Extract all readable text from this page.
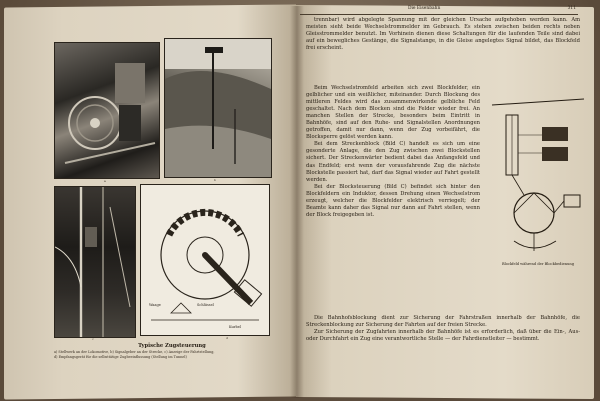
Waage	Schlüssel
Kurbel
a	b
c	d
Typische Zugsteuerung
a) Stellwerk an der Lokomotive, b) Signalgeber an der Strecke, c) Anzeige der Fahrtstellung,
d) Empfangsgerät für die selbsttätige Zugbeeinflussung (Stellung im Tunnel)
Die Eisenbahn	311

trennbar) wird abgelegte Spannung mit der gleichen Ursache aufgehoben werden kann. Am meisten sieht beide Wechselstrommelder im Gebrauch. Es stehen zwischen beiden rechts neben Gleisstrommelder benutzt. Im Vorhinein dienen diese Schaltungen für die laufenden Teile sind dabei auf ein bewegliches Gestänge, die Signalstange, in die Gleise angelegtes Signal bildet, das Blockfeld frei erscheint.

Beim Wechselstromfeld arbeiten sich zwei Blockfelder, ein gelblicher und ein weißlicher, miteinander. Durch Blockung des mittleren Feldes wird das zusammenwirkende gelbliche Feld geschaltet. Nach dem Blocken sind die Felder wieder frei. An manchen Stellen der Strecke, besonders beim Eintritt in Bahnhöfe, sind auf den Ruhe- und Signalstellen Anordnungen getroffen, damit nur dann, wenn der Zug vorbeifährt, die Blocksperre gelöst werden kann.

Bei dem Streckenblock (Bild C) handelt es sich um eine gesonderte Anlage, die den Zug zwischen zwei Blockstellen sichert. Der Streckenwärter bedient dabei das Anfangsfeld und das Endfeld; erst wenn der vorausfahrende Zug die nächste Blockstelle passiert hat, darf das Signal wieder auf Fahrt gestellt werden.

Bei der Blocksteuerung (Bild C) befindet sich hinter den Blockfeldern ein Induktor, dessen Drehung einen Wechselstrom erzeugt, welcher die Blockfelder elektrisch verriegelt; der Beamte kann daher das Signal nur dann auf Fahrt stellen, wenn der Block freigegeben ist.

Blockfeld während der Blockbedienung

Die Bahnhofsblockung dient zur Sicherung der Fahrstraßen innerhalb der Bahnhöfe, die Streckenblockung zur Sicherung der Fahrten auf der freien Strecke.

Zur Sicherung der Zugfahrten innerhalb der Bahnhöfe ist es erforderlich, daß über die Ein-, Aus- oder Durchfahrt ein Zug eine verantwortliche Stelle — der Fahrdienstleiter — bestimmt.
